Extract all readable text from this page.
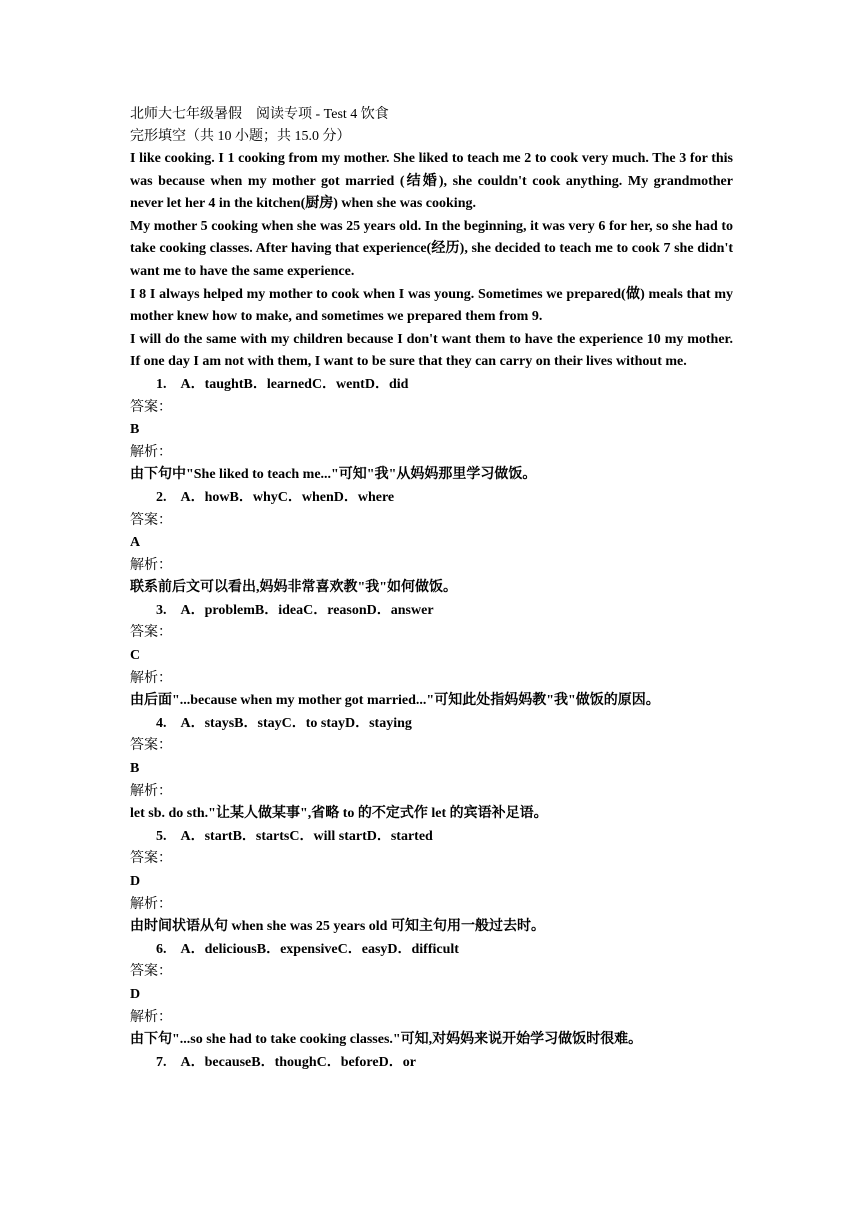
北师大七年级暑假　阅读专项 - Test 4 饮食
完形填空（共 10 小题；共 15.0 分）

I like cooking. I 1 cooking from my mother. She liked to teach me 2 to cook very much. The 3 for this was because when my mother got married (结婚), she couldn't cook anything. My grandmother never let her 4 in the kitchen(厨房) when she was cooking.

My mother 5 cooking when she was 25 years old. In the beginning, it was very 6 for her, so she had to take cooking classes. After having that experience(经历), she decided to teach me to cook 7 she didn't want me to have the same experience.

I 8 I always helped my mother to cook when I was young. Sometimes we prepared(做) meals that my mother knew how to make, and sometimes we prepared them from 9.

I will do the same with my children because I don't want them to have the experience 10 my mother. If one day I am not with them, I want to be sure that they can carry on their lives without me.

1.　A．taughtB．learnedC．wentD．did
答案：
B
解析：
由下句中"She liked to teach me..."可知"我"从妈妈那里学习做饭。
2.　A．howB．whyC．whenD．where
答案：
A
解析：
联系前后文可以看出,妈妈非常喜欢教"我"如何做饭。
3.　A．problemB．ideaC．reasonD．answer
答案：
C
解析：
由后面"...because when my mother got married..."可知此处指妈妈教"我"做饭的原因。
4.　A．staysB．stayC．to stayD．staying
答案：
B
解析：
let sb. do sth."让某人做某事",省略 to 的不定式作 let 的宾语补足语。
5.　A．startB．startsC．will startD．started
答案：
D
解析：
由时间状语从句 when she was 25 years old 可知主句用一般过去时。
6.　A．deliciousB．expensiveC．easyD．difficult
答案：
D
解析：
由下句"...so she had to take cooking classes."可知,对妈妈来说开始学习做饭时很难。
7.　A．becauseB．thoughC．beforeD．or
